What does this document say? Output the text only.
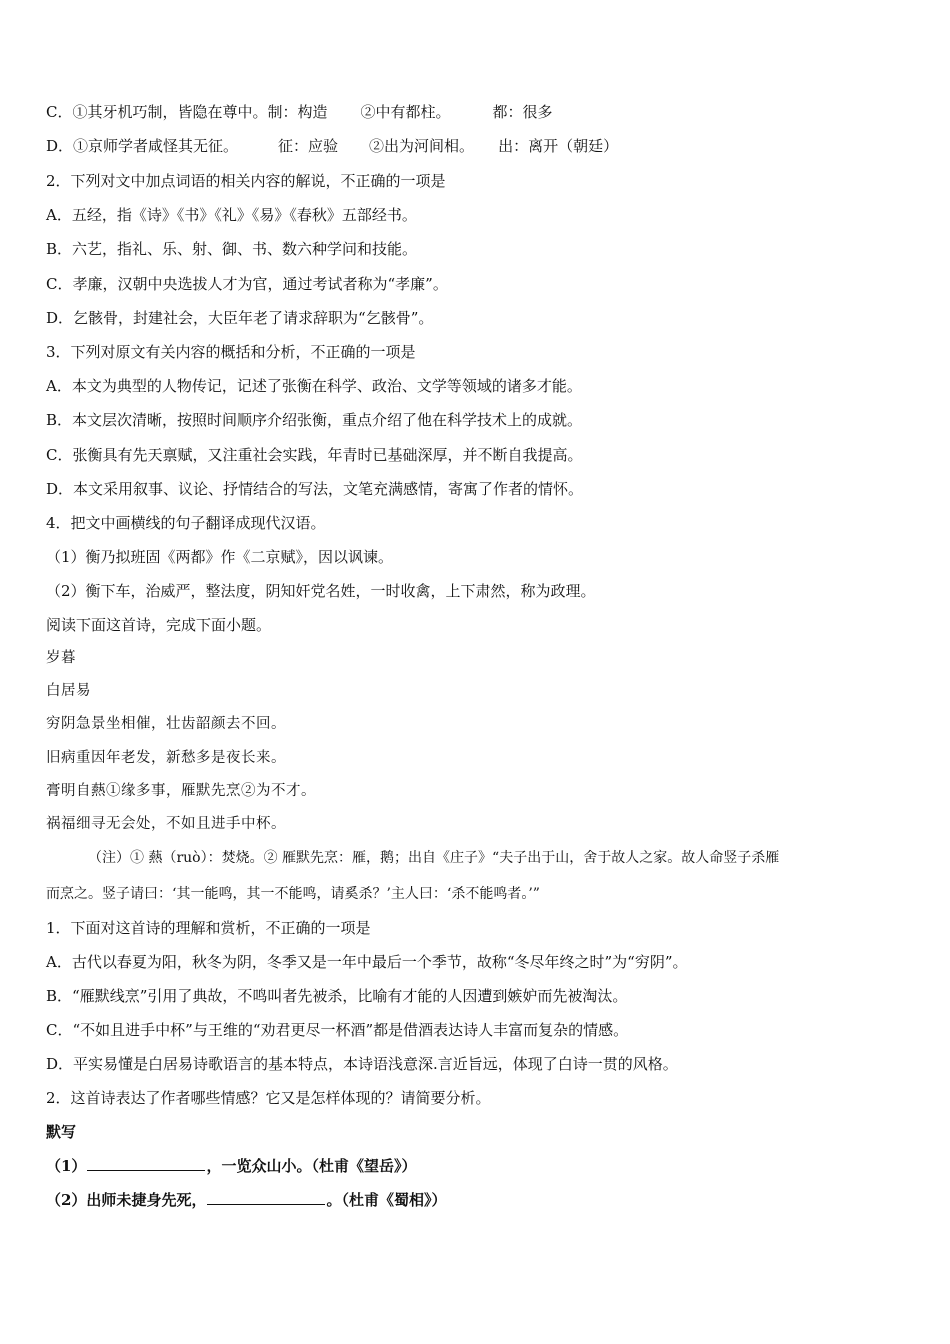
C．①其牙机巧制，皆隐在尊中。制：构造 ②中有都柱。	都：很多
D．①京师学者咸怪其无征。	征：应验 ②出为河间相。 出：离开（朝廷）
2．下列对文中加点词语的相关内容的解说，不正确的一项是
A．五经，指《诗》《书》《礼》《易》《春秋》五部经书。
B．六艺，指礼、乐、射、御、书、数六种学问和技能。
C．孝廉，汉朝中央选拔人才为官，通过考试者称为“孝廉”。
D．乞骸骨，封建社会，大臣年老了请求辞职为“乞骸骨”。
3．下列对原文有关内容的概括和分析，不正确的一项是
A．本文为典型的人物传记，记述了张衡在科学、政治、文学等领域的诸多才能。
B．本文层次清晰，按照时间顺序介绍张衡，重点介绍了他在科学技术上的成就。
C．张衡具有先天禀赋，又注重社会实践，年青时已基础深厚，并不断自我提高。
D．本文采用叙事、议论、抒情结合的写法，文笔充满感情，寄寓了作者的情怀。
4．把文中画横线的句子翻译成现代汉语。
（1）衡乃拟班固《两都》作《二京赋》，因以讽谏。
（2）衡下车，治威严，整法度，阴知奸党名姓，一时收禽，上下肃然，称为政理。
阅读下面这首诗，完成下面小题。
岁暮
白居易
穷阴急景坐相催，壮齿韶颜去不回。
旧病重因年老发，新愁多是夜长来。
膏明自爇①缘多事，雁默先烹②为不才。
祸福细寻无会处，不如且进手中杯。
（注）① 爇（ruò）：焚烧。② 雁默先烹：雁，鹅；出自《庄子》“夫子出于山，舍于故人之家。故人命竖子杀雁
而烹之。竖子请曰：‘其一能鸣，其一不能鸣，请奚杀？’主人曰：‘杀不能鸣者。’”
1．下面对这首诗的理解和赏析，不正确的一项是
A．古代以春夏为阳，秋冬为阴，冬季又是一年中最后一个季节，故称“冬尽年终之时”为“穷阴”。
B．“雁默线烹”引用了典故，不鸣叫者先被杀，比喻有才能的人因遭到嫉妒而先被淘汰。
C．“不如且进手中杯”与王维的“劝君更尽一杯酒”都是借酒表达诗人丰富而复杂的情感。
D．平实易懂是白居易诗歌语言的基本特点，本诗语浅意深.言近旨远，体现了白诗一贯的风格。
2．这首诗表达了作者哪些情感？它又是怎样体现的？请简要分析。
默写
（1）	，一览众山小。（杜甫《望岳》）
（2）出师未捷身先死，	。（杜甫《蜀相》）
